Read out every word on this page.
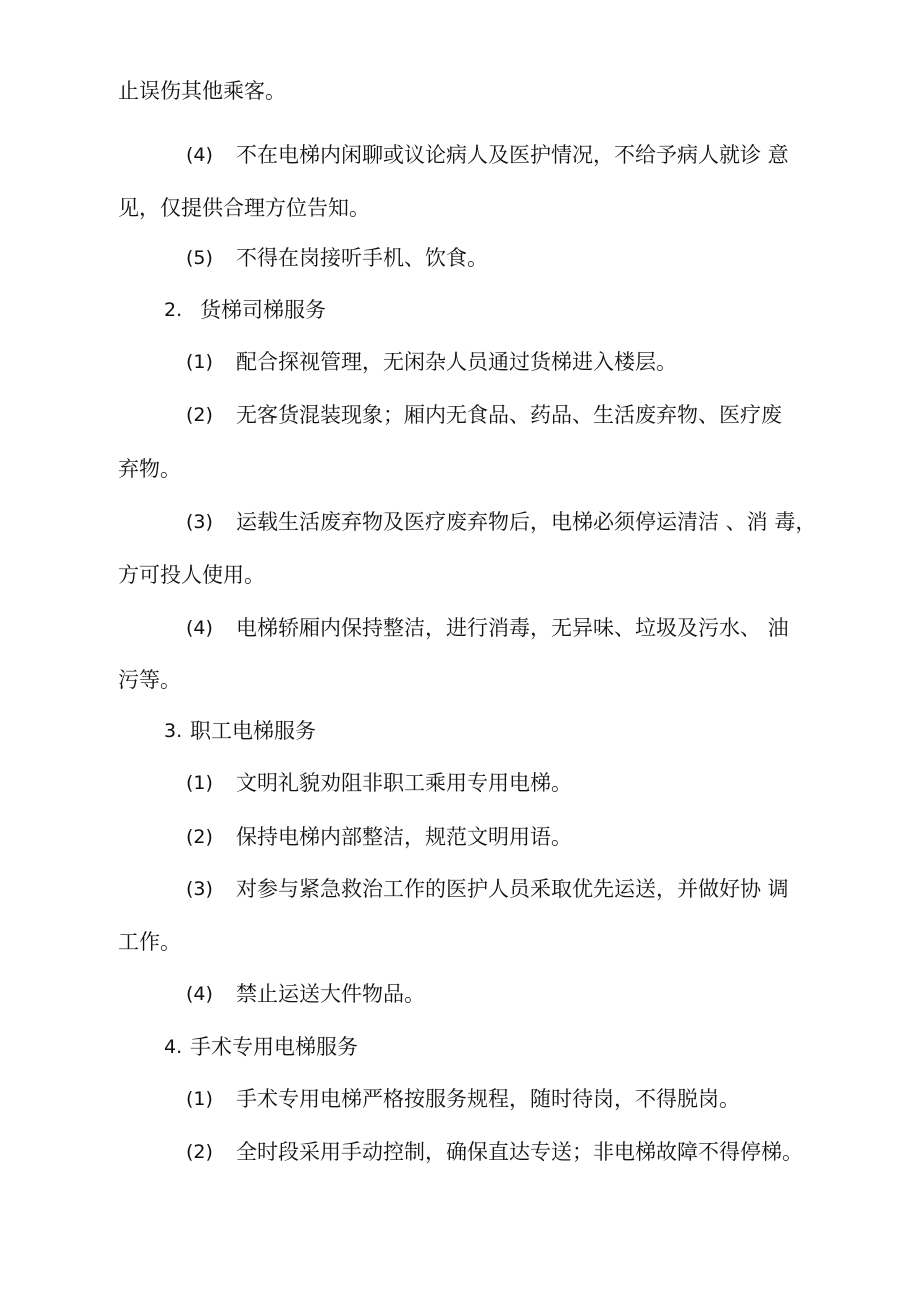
止误伤其他乘客。
(4) 不在电梯内闲聊或议论病人及医护情况，不给予病人就诊 意
见，仅提供合理方位告知。
(5) 不得在岗接听手机、饮食。
2. 货梯司梯服务
(1) 配合探视管理，无闲杂人员通过货梯进入楼层。
(2) 无客货混装现象；厢内无食品、药品、生活废弃物、医疗废
弃物。
(3) 运载生活废弃物及医疗废弃物后，电梯必须停运清洁 、消 毒，
方可投人使用。
(4) 电梯轿厢内保持整洁，进行消毒，无异味、垃圾及污水、 油
污等。
3. 职工电梯服务
(1) 文明礼貌劝阻非职工乘用专用电梯。
(2) 保持电梯内部整洁，规范文明用语。
(3) 对参与紧急救治工作的医护人员釆取优先运送，并做好协 调
工作。
(4) 禁止运送大件物品。
4. 手术专用电梯服务
(1) 手术专用电梯严格按服务规程，随时待岗，不得脱岗。
(2) 全时段采用手动控制，确保直达专送；非电梯故障不得停梯。
